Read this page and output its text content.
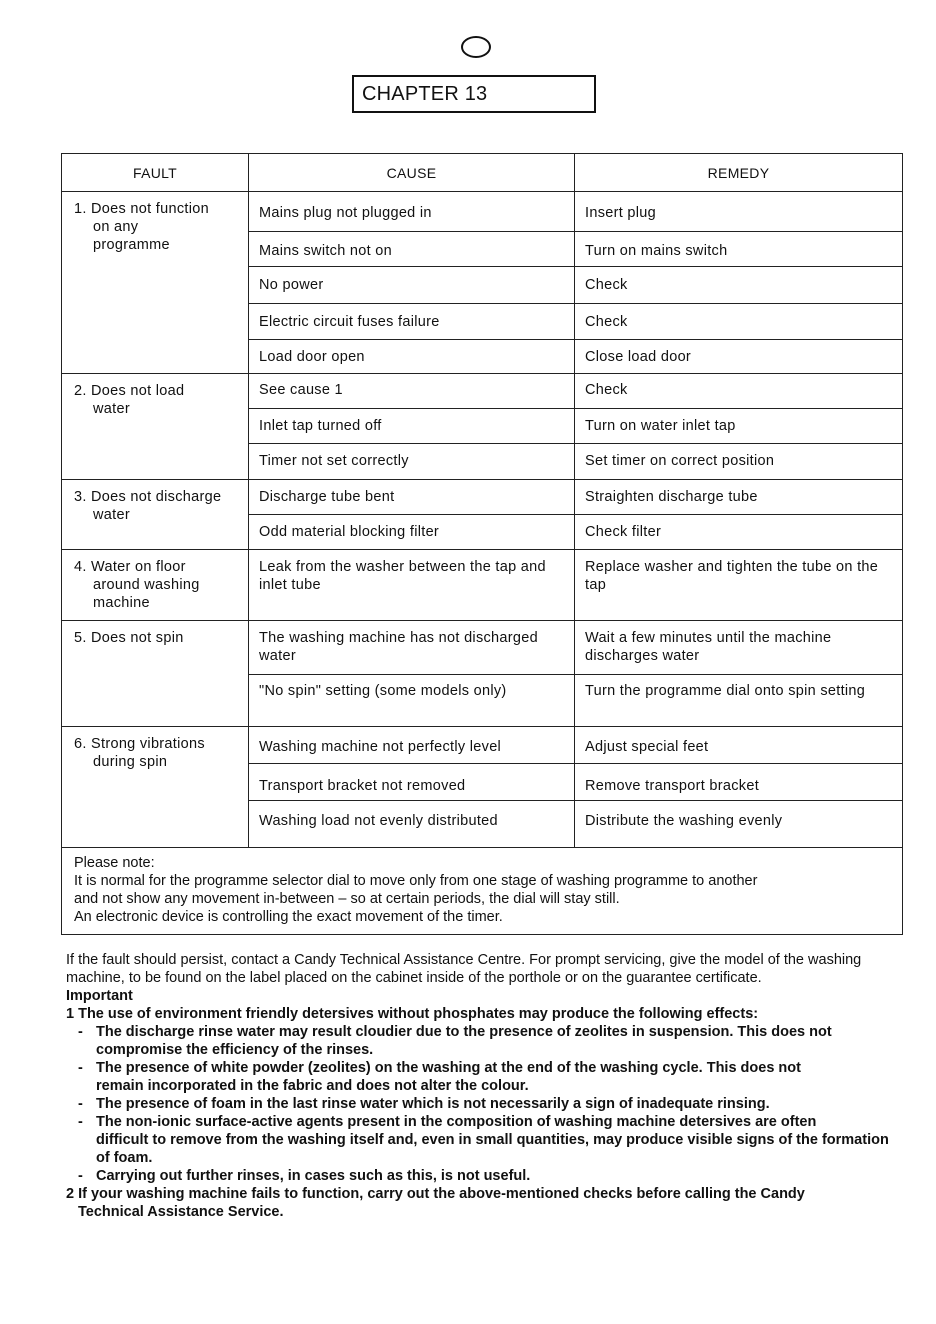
CHAPTER 13
FAULT	CAUSE	REMEDY
1. Does not function
on any
programme	Mains plug not plugged in	Insert plug
	Mains switch not on	Turn on mains switch
	No power	Check
	Electric circuit fuses failure	Check
	Load door open	Close load door
2. Does not load
water	See cause 1	Check
	Inlet tap turned off	Turn on water inlet tap
	Timer not set correctly	Set timer on correct position
3. Does not discharge
water	Discharge tube bent	Straighten discharge tube
	Odd material blocking filter	Check filter
4. Water on floor
around washing
machine	Leak from the washer between the tap and inlet tube	Replace washer and tighten the tube on the tap
5. Does not spin	The washing machine has not discharged water	Wait a few minutes until the machine discharges water
	"No spin" setting (some models only)	Turn the programme dial onto spin setting
6. Strong vibrations
during spin	Washing machine not perfectly level	Adjust special feet
	Transport bracket not removed	Remove transport bracket
	Washing load not evenly distributed	Distribute the washing evenly

Please note:
It is normal for the programme selector dial to move only from one stage of washing programme to another
and not show any movement in-between – so at certain periods, the dial will stay still.
An electronic device is controlling the exact movement of the timer.		

If the fault should persist, contact a Candy Technical Assistance Centre. For prompt servicing, give the model of the washing machine, to be found on the label placed on the cabinet inside of the porthole or on the guarantee certificate.

Important

1 The use of environment friendly detersives without phosphates may produce the following effects:

- The discharge rinse water may result cloudier due to the presence of zeolites in suspension. This does not
compromise the efficiency of the rinses.
- The presence of white powder (zeolites) on the washing at the end of the washing cycle. This does not
remain incorporated in the fabric and does not alter the colour.
- The presence of foam in the last rinse water which is not necessarily a sign of inadequate rinsing.
- The non-ionic surface-active agents present in the composition of washing machine detersives are often
difficult to remove from the washing itself and, even in small quantities, may produce visible signs of the formation of foam.
- Carrying out further rinses, in cases such as this, is not useful.
2 If your washing machine fails to function, carry out the above-mentioned checks before calling the Candy
Technical Assistance Service.
